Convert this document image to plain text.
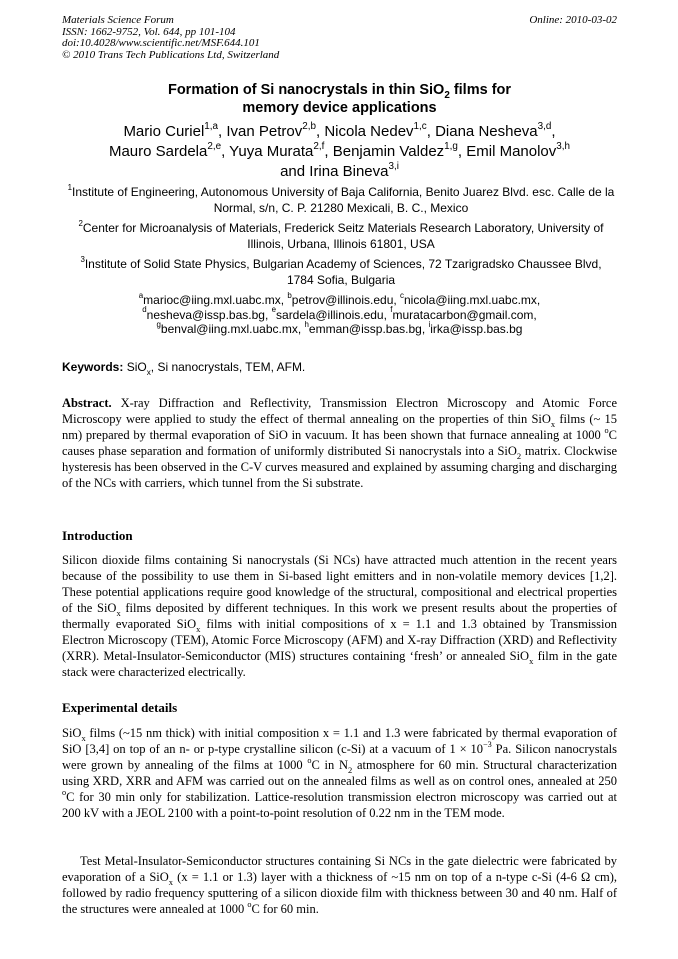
Materials Science Forum
ISSN: 1662-9752, Vol. 644, pp 101-104
doi:10.4028/www.scientific.net/MSF.644.101
© 2010 Trans Tech Publications Ltd, Switzerland
Online: 2010-03-02
Formation of Si nanocrystals in thin SiO$_2$ films for
memory device applications
Mario Curiel$^{1,a}$, Ivan Petrov$^{2,b}$, Nicola Nedev$^{1,c}$, Diana Nesheva$^{3,d}$,
Mauro Sardela$^{2,e}$, Yuya Murata$^{2,f}$, Benjamin Valdez$^{1,g}$, Emil Manolov$^{3,h}$
and Irina Bineva$^{3,i}$
$^1$Institute of Engineering, Autonomous University of Baja California, Benito Juarez Blvd. esc. Calle de la Normal, s/n, C. P. 21280 Mexicali, B. C., Mexico
$^2$Center for Microanalysis of Materials, Frederick Seitz Materials Research Laboratory, University of Illinois, Urbana, Illinois 61801, USA
$^3$Institute of Solid State Physics, Bulgarian Academy of Sciences, 72 Tzarigradsko Chaussee Blvd, 1784 Sofia, Bulgaria
$^a$marioc@iing.mxl.uabc.mx, $^b$petrov@illinois.edu, $^c$nicola@iing.mxl.uabc.mx,
$^d$nesheva@issp.bas.bg, $^e$sardela@illinois.edu, $^f$muratacarbon@gmail.com,
$^g$benval@iing.mxl.uabc.mx, $^h$emman@issp.bas.bg, $^i$irka@issp.bas.bg
Keywords: SiO$_x$, Si nanocrystals, TEM, AFM.
Abstract. X-ray Diffraction and Reflectivity, Transmission Electron Microscopy and Atomic Force Microscopy were applied to study the effect of thermal annealing on the properties of thin SiO$_x$ films (~ 15 nm) prepared by thermal evaporation of SiO in vacuum. It has been shown that furnace annealing at 1000 $^o$C causes phase separation and formation of uniformly distributed Si nanocrystals into a SiO$_2$ matrix. Clockwise hysteresis has been observed in the C-V curves measured and explained by assuming charging and discharging of the NCs with carriers, which tunnel from the Si substrate.
Introduction
Silicon dioxide films containing Si nanocrystals (Si NCs) have attracted much attention in the recent years because of the possibility to use them in Si-based light emitters and in non-volatile memory devices [1,2]. These potential applications require good knowledge of the structural, compositional and electrical properties of the SiO$_x$ films deposited by different techniques. In this work we present results about the properties of thermally evaporated SiO$_x$ films with initial compositions of x = 1.1 and 1.3 obtained by Transmission Electron Microscopy (TEM), Atomic Force Microscopy (AFM) and X-ray Diffraction (XRD) and Reflectivity (XRR). Metal-Insulator-Semiconductor (MIS) structures containing ‘fresh’ or annealed SiO$_x$ film in the gate stack were characterized electrically.
Experimental details
SiO$_x$ films (~15 nm thick) with initial composition x = 1.1 and 1.3 were fabricated by thermal evaporation of SiO [3,4] on top of an n- or p-type crystalline silicon (c-Si) at a vacuum of $1 \times 10^{-3}$ Pa. Silicon nanocrystals were grown by annealing of the films at 1000 $^o$C in $N_2$ atmosphere for 60 min. Structural characterization using XRD, XRR and AFM was carried out on the annealed films as well as on control ones, annealed at 250 $^o$C for 30 min only for stabilization. Lattice-resolution transmission electron microscopy was carried out at 200 kV with a JEOL 2100 with a point-to-point resolution of 0.22 nm in the TEM mode.
Test Metal-Insulator-Semiconductor structures containing Si NCs in the gate dielectric were fabricated by evaporation of a SiO$_x$ (x = 1.1 or 1.3) layer with a thickness of ~15 nm on top of a n-type c-Si (4-6 Ω cm), followed by radio frequency sputtering of a silicon dioxide film with thickness between 30 and 40 nm. Half of the structures were annealed at 1000 $^o$C for 60 min.
